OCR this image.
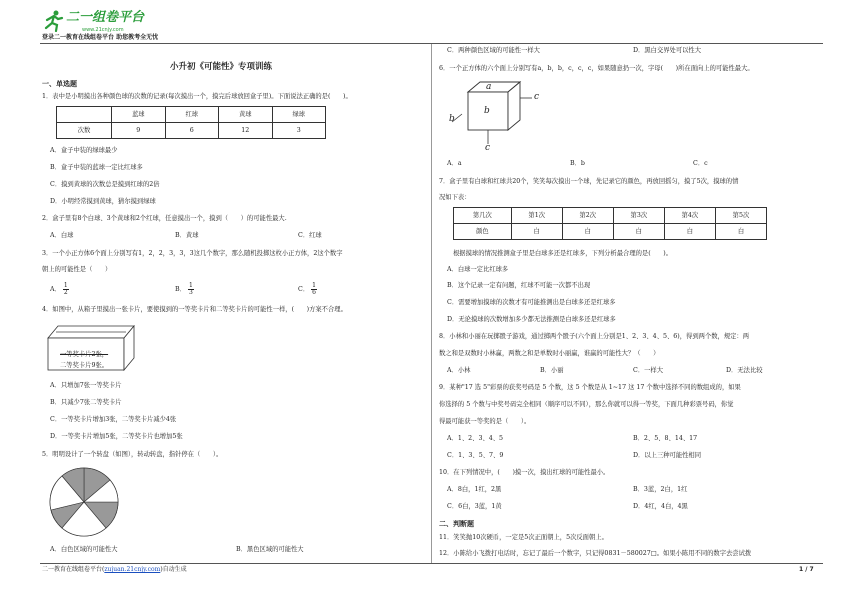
二一组卷平台
www.21cnjy.com
登录二一教育在线组卷平台 助您教考全无忧
小升初《可能性》专项训练
一、单选题
1．表中是小明摸出各种颜色球的次数的记录(每次摸出一个，摸完后球放回盒子里)。下面说法正确的是(　　)。
	蓝球	红球	黄球	绿球
次数	9	6	12	3
A．盒子中装的绿球最少
B．盒子中装的蓝球一定比红球多
C．摸到黄球的次数总是摸到红球的2倍
D．小明经常摸到黄球，猜尔摸到绿球
2．盒子里有8个白球、3个黄球和2个红球，任意摸出一个，摸到（　　）的可能性最大.
A．白球	B．黄球	C．红球
3．一个小正方体6个面上分别写有1，2，2，3，3，3这几个数字，那么随机投掷这枚小正方体，2这个数字
朝上的可能性是（　　）
A． $\frac{1}{2}$	B． $\frac{1}{3}$	C． $\frac{1}{6}$
4．如图中，从箱子里摸出一张卡片，要使摸到的一等奖卡片和二等奖卡片的可能性一样，(　　)方案不合理。
一等奖卡片2张，
二等奖卡片9张。
A．只增加7张一等奖卡片
B．只减少7张二等奖卡片
C．一等奖卡片增加3张，二等奖卡片减少4张
D．一等奖卡片增加5张，二等奖卡片也增加5张
5．明明设计了一个转盘（如图），转动转盘，指针停在（　　）。
A．白色区域的可能性大	B．黑色区域的可能性大
C．两种颜色区域的可能性一样大	D．黑白交界处可以性大
6．一个正方体的六个面上分别写有a，b，b，c，c，c，如果随意扔一次，字母(　　)所在面向上的可能性最大。
a
b
c
b
c
A．a	B．b	C．c
7．盒子里有白球和红球共20个，笑笑每次摸出一个球，先记录它的颜色，再放回摇匀，摸了5次，摸球的情
况如下表：
第几次	第1次	第2次	第3次	第4次	第5次
颜色	白	白	白	白	白
根据摸球的情况推测盒子里是白球多还是红球多，下列分析最合理的是(　　)。
A．白球一定比红球多
B．这个记录一定有问题，红球不可能一次都不出现
C．需要增加摸球的次数才有可能推测出是白球多还是红球多
D．无论摸球的次数增加多少都无法推测是白球多还是红球多
8．小林和小丽在玩掷骰子游戏，通过掷两个骰子(六个面上分别是1、2、3、4、5、6)，得到两个数，规定：两
数之和是双数时小林赢，两数之和是单数时小丽赢，谁赢的可能性大？（　　）
A．小林	B．小丽	C．一样大	D．无法比较
9．某种"17 选 5"彩票的获奖号码是 5 个数，这 5 个数是从 1~17 这 17 个数中选择不同的数组成的，如果
你选择的 5 个数与中奖号码完全相同（顺序可以不同），那么你就可以得一等奖，下面几种彩票号码，你觉
得最可能获一等奖的是（　　）。
A．1、2、3、4、5	B．2、5、8、14、17
C．1、3、5、7、9	D．以上三种可能性相同
10．在下列情况中，(　　)摸一次，摸出红球的可能性最小。
A．8白，1红，2黑	B．3蓝，2白，1红
C．6白，3蓝，1黄	D．4红，4白，4黑
二、判断题
11．笑笑抛10次硬币，一定是5次正面朝上，5次反面朝上。
12．小陈给小飞拨打电话时，忘记了最后一个数字，只记得0831－580027□。如果小陈用不同的数字去尝试拨
二一教育在线组卷平台(zujuan.21cnjy.com)自动生成	1 / 7
